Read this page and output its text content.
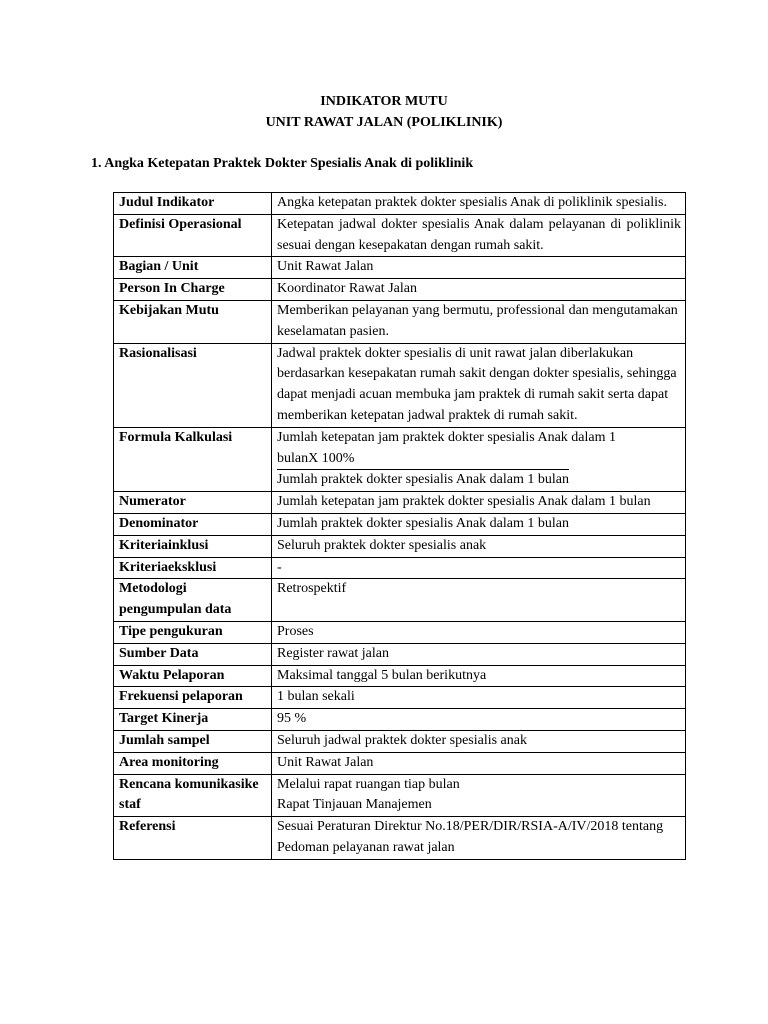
INDIKATOR MUTU
UNIT RAWAT JALAN (POLIKLINIK)
1. Angka Ketepatan Praktek Dokter Spesialis Anak di poliklinik
Judul Indikator	Angka ketepatan praktek dokter spesialis Anak di poliklinik spesialis.
Definisi Operasional	Ketepatan jadwal dokter spesialis Anak dalam pelayanan di poliklinik sesuai dengan kesepakatan dengan rumah sakit.
Bagian / Unit	Unit Rawat Jalan
Person In Charge	Koordinator Rawat Jalan
Kebijakan Mutu	Memberikan pelayanan yang bermutu, professional dan mengutamakan keselamatan pasien.
Rasionalisasi	Jadwal praktek dokter spesialis di unit rawat jalan diberlakukan berdasarkan kesepakatan rumah sakit dengan dokter spesialis, sehingga dapat menjadi acuan membuka jam praktek di rumah sakit serta dapat memberikan ketepatan jadwal praktek di rumah sakit.
Formula Kalkulasi	Jumlah ketepatan jam praktek dokter spesialis Anak dalam 1
bulanX 100%
Jumlah praktek dokter spesialis Anak dalam 1 bulan

Numerator	Jumlah ketepatan jam praktek dokter spesialis Anak dalam 1 bulan
Denominator	Jumlah praktek dokter spesialis Anak dalam 1 bulan
Kriteriainklusi	Seluruh praktek dokter spesialis anak
Kriteriaeksklusi	-
Metodologi pengumpulan data	Retrospektif
Tipe pengukuran	Proses
Sumber Data	Register rawat jalan
Waktu Pelaporan	Maksimal tanggal 5 bulan berikutnya
Frekuensi pelaporan	1 bulan sekali
Target Kinerja	95 %
Jumlah sampel	Seluruh jadwal praktek dokter spesialis anak
Area monitoring	Unit Rawat Jalan
Rencana komunikasike staf	Melalui rapat ruangan tiap bulan
Rapat Tinjauan Manajemen

Referensi	Sesuai Peraturan Direktur No.18/PER/DIR/RSIA-A/IV/2018 tentang Pedoman pelayanan rawat jalan
